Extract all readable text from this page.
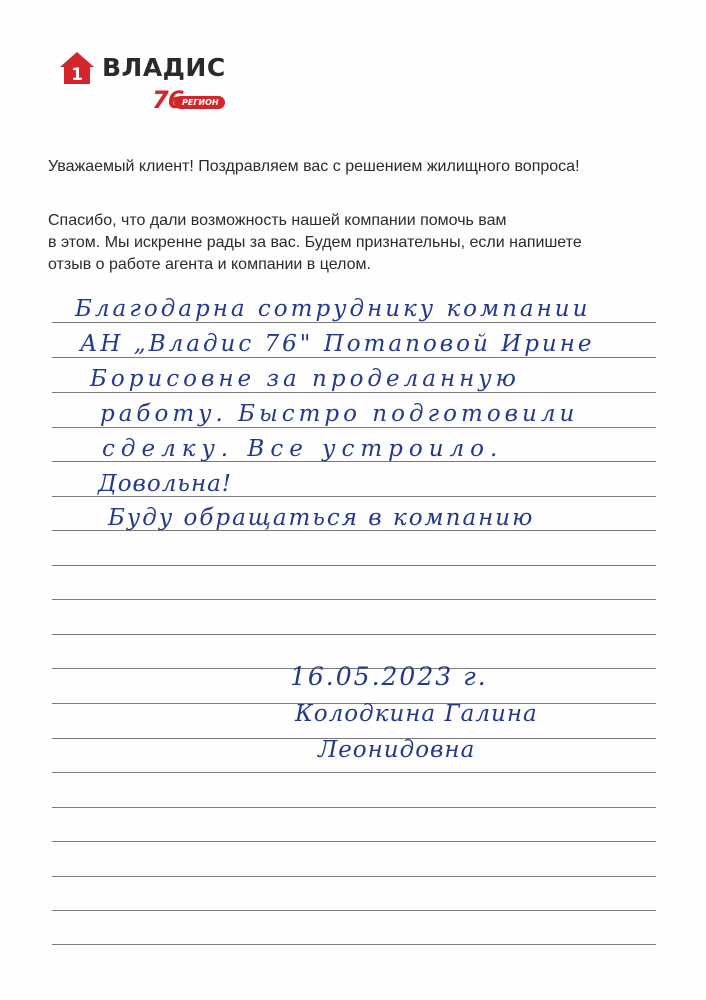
1 ВЛАДИС
РЕГИОН
76
Уважаемый клиент! Поздравляем вас с решением жилищного вопроса!
Спасибо, что дали возможность нашей компании помочь вам
в этом. Мы искренне рады за вас. Будем признательны, если напишете
отзыв о работе агента и компании в целом.
Благодарна сотруднику компании
АН „Владис 76" Потаповой Ирине
Борисовне за проделанную
работу. Быстро подготовили
сделку. Все устроило.
Довольна!
Буду обращаться в компанию
16.05.2023 г.
Колодкина Галина
Леонидовна
